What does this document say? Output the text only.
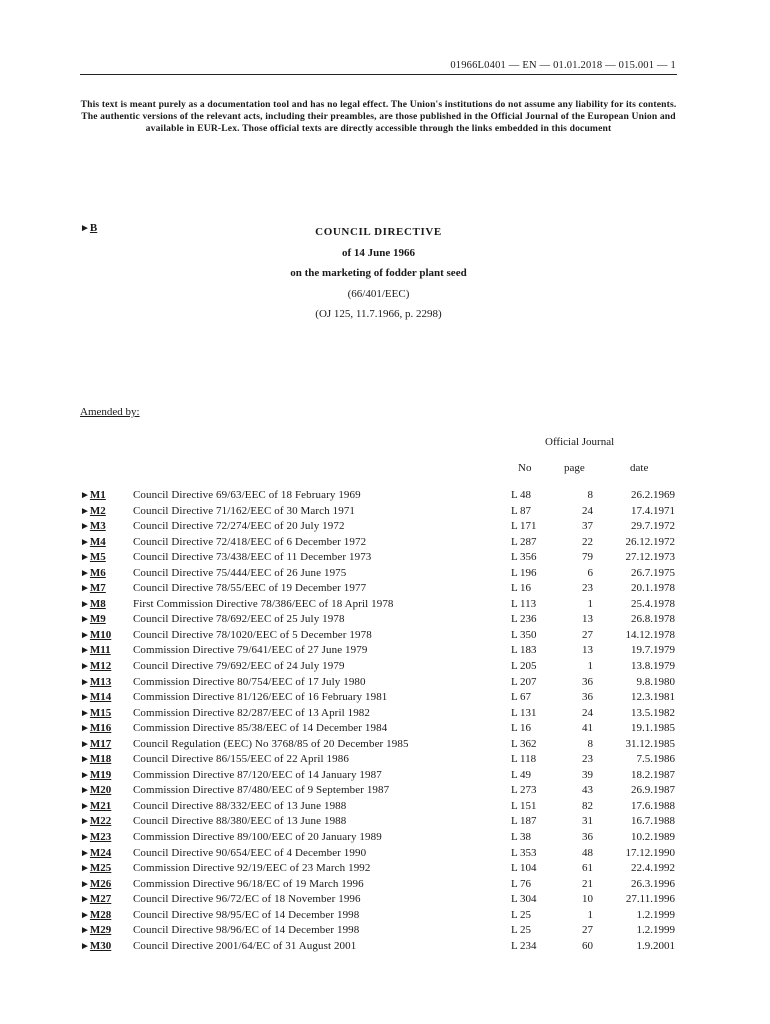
01966L0401 — EN — 01.01.2018 — 015.001 — 1
This text is meant purely as a documentation tool and has no legal effect. The Union's institutions do not assume any liability for its contents. The authentic versions of the relevant acts, including their preambles, are those published in the Official Journal of the European Union and available in EUR-Lex. Those official texts are directly accessible through the links embedded in this document
►B	COUNCIL DIRECTIVE
of 14 June 1966
on the marketing of fodder plant seed
(66/401/EEC)
(OJ 125, 11.7.1966, p. 2298)
Amended by:
Official Journal
No	page	date
►M1 Council Directive 69/63/EEC of 18 February 1969	L 48	8	26.2.1969
►M2 Council Directive 71/162/EEC of 30 March 1971	L 87	24	17.4.1971
►M3 Council Directive 72/274/EEC of 20 July 1972	L 171	37	29.7.1972
►M4 Council Directive 72/418/EEC of 6 December 1972	L 287	22	26.12.1972
►M5 Council Directive 73/438/EEC of 11 December 1973	L 356	79	27.12.1973
►M6 Council Directive 75/444/EEC of 26 June 1975	L 196	6	26.7.1975
►M7 Council Directive 78/55/EEC of 19 December 1977	L 16	23	20.1.1978
►M8 First Commission Directive 78/386/EEC of 18 April 1978	L 113	1	25.4.1978
►M9 Council Directive 78/692/EEC of 25 July 1978	L 236	13	26.8.1978
►M10 Council Directive 78/1020/EEC of 5 December 1978	L 350	27	14.12.1978
►M11 Commission Directive 79/641/EEC of 27 June 1979	L 183	13	19.7.1979
►M12 Council Directive 79/692/EEC of 24 July 1979	L 205	1	13.8.1979
►M13 Commission Directive 80/754/EEC of 17 July 1980	L 207	36	9.8.1980
►M14 Commission Directive 81/126/EEC of 16 February 1981	L 67	36	12.3.1981
►M15 Commission Directive 82/287/EEC of 13 April 1982	L 131	24	13.5.1982
►M16 Commission Directive 85/38/EEC of 14 December 1984	L 16	41	19.1.1985
►M17 Council Regulation (EEC) No 3768/85 of 20 December 1985	L 362	8	31.12.1985
►M18 Council Directive 86/155/EEC of 22 April 1986	L 118	23	7.5.1986
►M19 Commission Directive 87/120/EEC of 14 January 1987	L 49	39	18.2.1987
►M20 Commission Directive 87/480/EEC of 9 September 1987	L 273	43	26.9.1987
►M21 Council Directive 88/332/EEC of 13 June 1988	L 151	82	17.6.1988
►M22 Council Directive 88/380/EEC of 13 June 1988	L 187	31	16.7.1988
►M23 Commission Directive 89/100/EEC of 20 January 1989	L 38	36	10.2.1989
►M24 Council Directive 90/654/EEC of 4 December 1990	L 353	48	17.12.1990
►M25 Commission Directive 92/19/EEC of 23 March 1992	L 104	61	22.4.1992
►M26 Commission Directive 96/18/EC of 19 March 1996	L 76	21	26.3.1996
►M27 Council Directive 96/72/EC of 18 November 1996	L 304	10	27.11.1996
►M28 Council Directive 98/95/EC of 14 December 1998	L 25	1	1.2.1999
►M29 Council Directive 98/96/EC of 14 December 1998	L 25	27	1.2.1999
►M30 Council Directive 2001/64/EC of 31 August 2001	L 234	60	1.9.2001
